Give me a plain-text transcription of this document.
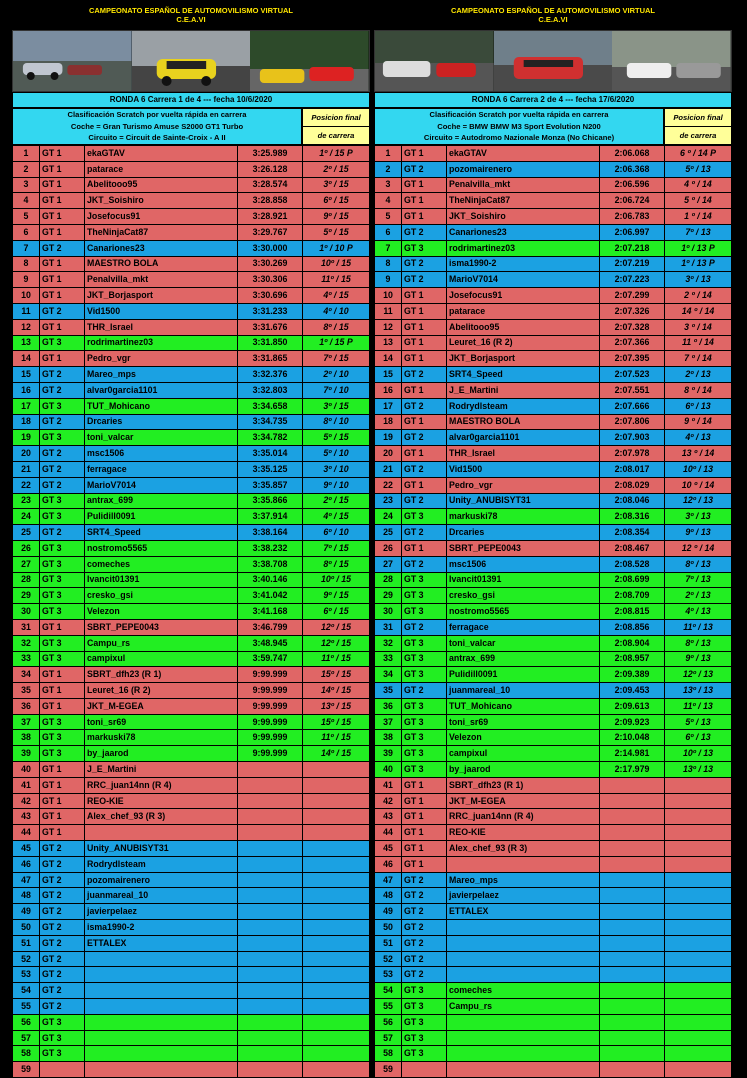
CAMPEONATO ESPAÑOL DE AUTOMOVILISMO VIRTUAL
C.E.A.VI
RONDA 6 Carrera 1 de 4 --- fecha 10/6/2020
Clasificación Scratch por vuelta rápida en carrera
Coche = Gran Turismo Amuse S2000 GT1 Turbo
Circuito = Circuit de Sainte-Croix - A II
Posicion final
de carrera
1	GT 1	ekaGTAV	3:25.989	1º / 15 P
2	GT 1	patarace	3:26.128	2º / 15
3	GT 1	Abelitooo95	3:28.574	3º / 15
4	GT 1	JKT_Soishiro	3:28.858	6º / 15
5	GT 1	Josefocus91	3:28.921	9º / 15
6	GT 1	TheNinjaCat87	3:29.767	5º / 15
7	GT 2	Canariones23	3:30.000	1º / 10 P
8	GT 1	MAESTRO BOLA	3:30.269	10º / 15
9	GT 1	Penalvilla_mkt	3:30.306	11º / 15
10	GT 1	JKT_Borjasport	3:30.696	4º / 15
11	GT 2	Vid1500	3:31.233	4º / 10
12	GT 1	THR_Israel	3:31.676	8º / 15
13	GT 3	rodrimartinez03	3:31.850	1º / 15 P
14	GT 1	Pedro_vgr	3:31.865	7º / 15
15	GT 2	Mareo_mps	3:32.376	2º / 10
16	GT 2	alvar0garcia1101	3:32.803	7º / 10
17	GT 3	TUT_Mohicano	3:34.658	3º / 15
18	GT 2	Drcaries	3:34.735	8º / 10
19	GT 3	toni_valcar	3:34.782	5º / 15
20	GT 2	msc1506	3:35.014	5º / 10
21	GT 2	ferragace	3:35.125	3º / 10
22	GT 2	MarioV7014	3:35.857	9º / 10
23	GT 3	antrax_699	3:35.866	2º / 15
24	GT 3	Pulidill0091	3:37.914	4º / 15
25	GT 2	SRT4_Speed	3:38.164	6º / 10
26	GT 3	nostromo5565	3:38.232	7º / 15
27	GT 3	comeches	3:38.708	8º / 15
28	GT 3	Ivancit01391	3:40.146	10º / 15
29	GT 3	cresko_gsi	3:41.042	9º / 15
30	GT 3	Velezon	3:41.168	6º / 15
31	GT 1	SBRT_PEPE0043	3:46.799	12º / 15
32	GT 3	Campu_rs	3:48.945	12º / 15
33	GT 3	campixul	3:59.747	11º / 15
34	GT 1	SBRT_dfh23 (R 1)	9:99.999	15º / 15
35	GT 1	Leuret_16 (R 2)	9:99.999	14º / 15
36	GT 1	JKT_M-EGEA	9:99.999	13º / 15
37	GT 3	toni_sr69	9:99.999	15º / 15
38	GT 3	markuski78	9:99.999	11º / 15
39	GT 3	by_jaarod	9:99.999	14º / 15
40	GT 1	J_E_Martini		
41	GT 1	RRC_juan14nn (R 4)		
42	GT 1	REO-KIE		
43	GT 1	Alex_chef_93 (R 3)		
44	GT 1			
45	GT 2	Unity_ANUBISYT31		
46	GT 2	Rodrydlsteam		
47	GT 2	pozomairenero		
48	GT 2	juanmareal_10		
49	GT 2	javierpelaez		
50	GT 2	isma1990-2		
51	GT 2	ETTALEX		
52	GT 2			
53	GT 2			
54	GT 2			
55	GT 2			
56	GT 3			
57	GT 3			
58	GT 3			
59				
CAMPEONATO ESPAÑOL DE AUTOMOVILISMO VIRTUAL
C.E.A.VI
RONDA 6 Carrera 2 de 4 --- fecha 17/6/2020
Clasificación Scratch por vuelta rápida en carrera
Coche = BMW BMW M3 Sport Evolution N200
Circuito = Autodromo Nazionale Monza (No Chicane)
Posicion final
de carrera
1	GT 1	ekaGTAV	2:06.068	6 º / 14 P
2	GT 2	pozomairenero	2:06.368	5º / 13
3	GT 1	Penalvilla_mkt	2:06.596	4 º / 14
4	GT 1	TheNinjaCat87	2:06.724	5 º / 14
5	GT 1	JKT_Soishiro	2:06.783	1 º / 14
6	GT 2	Canariones23	2:06.997	7º / 13
7	GT 3	rodrimartinez03	2:07.218	1º / 13 P
8	GT 2	isma1990-2	2:07.219	1º / 13 P
9	GT 2	MarioV7014	2:07.223	3º / 13
10	GT 1	Josefocus91	2:07.299	2 º / 14
11	GT 1	patarace	2:07.326	14 º / 14
12	GT 1	Abelitooo95	2:07.328	3 º / 14
13	GT 1	Leuret_16 (R 2)	2:07.366	11 º / 14
14	GT 1	JKT_Borjasport	2:07.395	7 º / 14
15	GT 2	SRT4_Speed	2:07.523	2º / 13
16	GT 1	J_E_Martini	2:07.551	8 º / 14
17	GT 2	Rodrydlsteam	2:07.666	6º / 13
18	GT 1	MAESTRO BOLA	2:07.806	9 º / 14
19	GT 2	alvar0garcia1101	2:07.903	4º / 13
20	GT 1	THR_Israel	2:07.978	13 º / 14
21	GT 2	Vid1500	2:08.017	10º / 13
22	GT 1	Pedro_vgr	2:08.029	10 º / 14
23	GT 2	Unity_ANUBISYT31	2:08.046	12º / 13
24	GT 3	markuski78	2:08.316	3º / 13
25	GT 2	Drcaries	2:08.354	9º / 13
26	GT 1	SBRT_PEPE0043	2:08.467	12 º / 14
27	GT 2	msc1506	2:08.528	8º / 13
28	GT 3	Ivancit01391	2:08.699	7º / 13
29	GT 3	cresko_gsi	2:08.709	2º / 13
30	GT 3	nostromo5565	2:08.815	4º / 13
31	GT 2	ferragace	2:08.856	11º / 13
32	GT 3	toni_valcar	2:08.904	8º / 13
33	GT 3	antrax_699	2:08.957	9º / 13
34	GT 3	Pulidill0091	2:09.389	12º / 13
35	GT 2	juanmareal_10	2:09.453	13º / 13
36	GT 3	TUT_Mohicano	2:09.613	11º / 13
37	GT 3	toni_sr69	2:09.923	5º / 13
38	GT 3	Velezon	2:10.048	6º / 13
39	GT 3	campixul	2:14.981	10º / 13
40	GT 3	by_jaarod	2:17.979	13º / 13
41	GT 1	SBRT_dfh23 (R 1)		
42	GT 1	JKT_M-EGEA		
43	GT 1	RRC_juan14nn (R 4)		
44	GT 1	REO-KIE		
45	GT 1	Alex_chef_93 (R 3)		
46	GT 1			
47	GT 2	Mareo_mps		
48	GT 2	javierpelaez		
49	GT 2	ETTALEX		
50	GT 2			
51	GT 2			
52	GT 2			
53	GT 2			
54	GT 3	comeches		
55	GT 3	Campu_rs		
56	GT 3			
57	GT 3			
58	GT 3			
59				
